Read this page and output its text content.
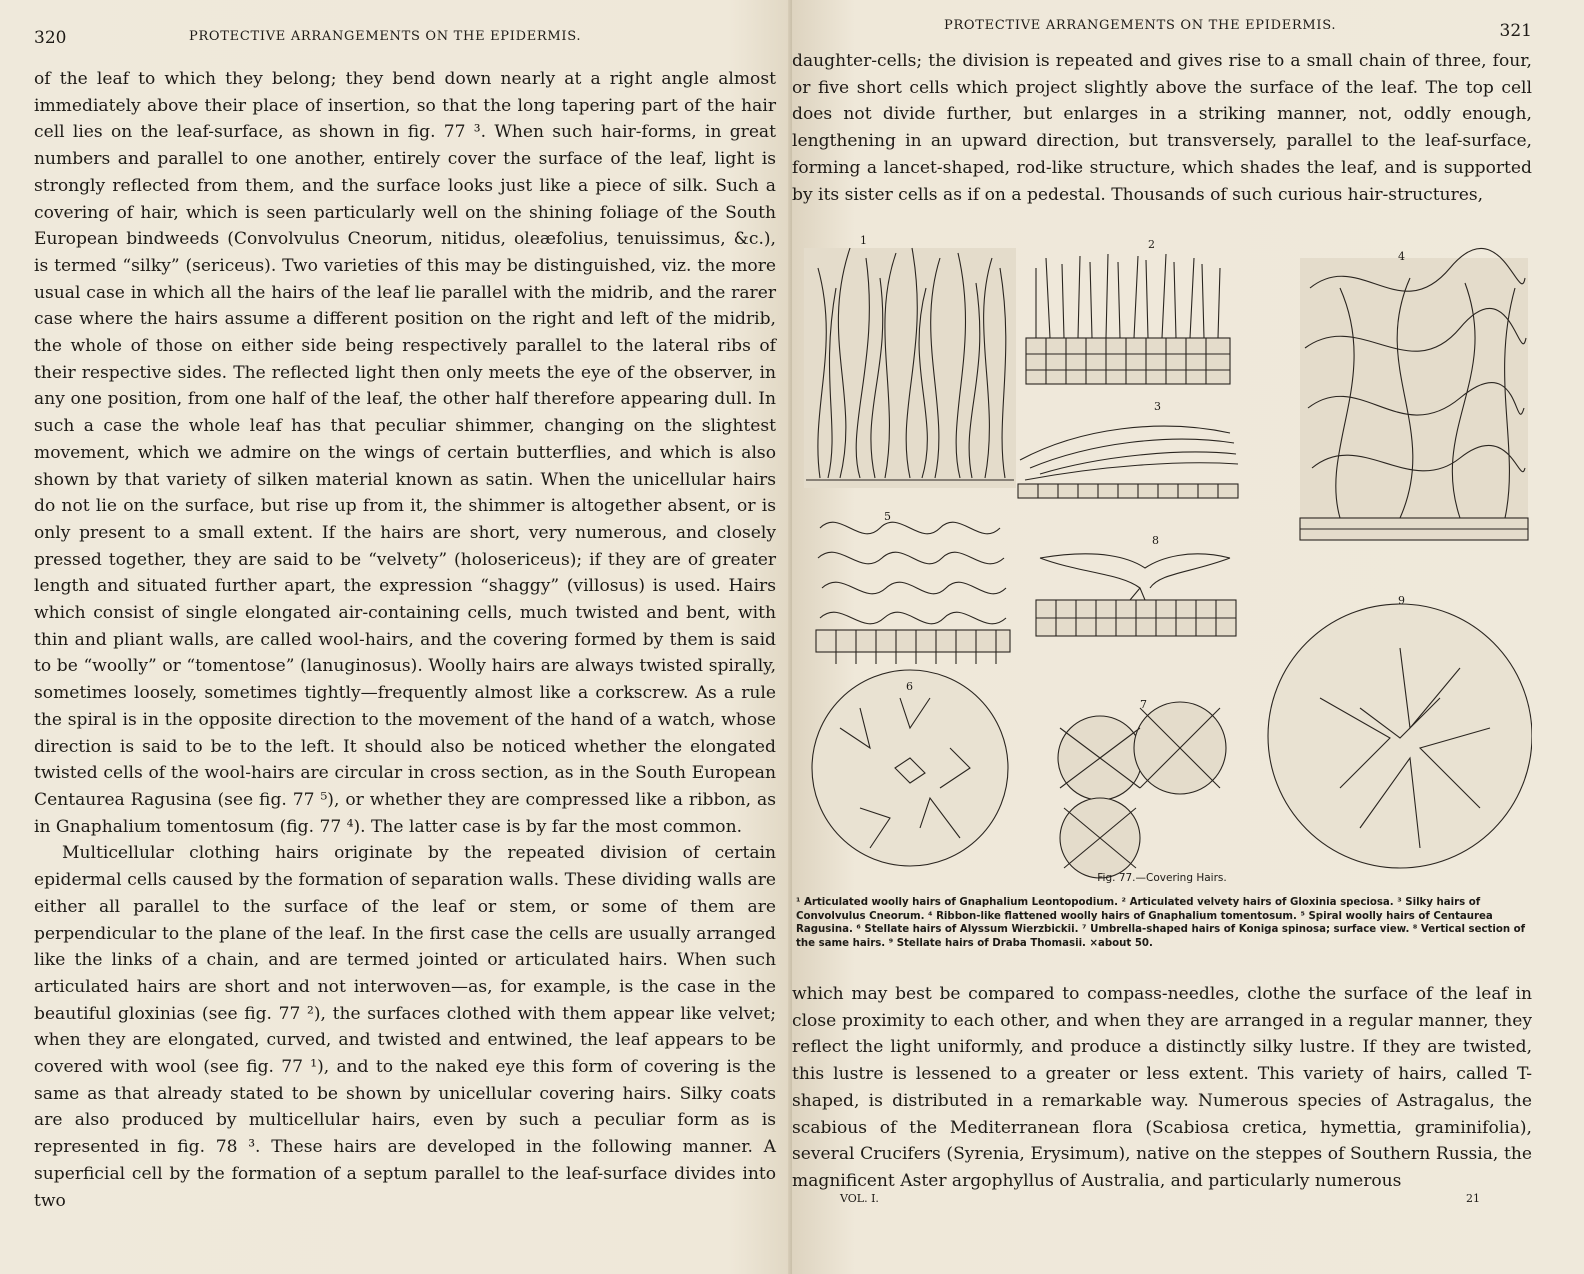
320	PROTECTIVE ARRANGEMENTS ON THE EPIDERMIS.

of the leaf to which they belong; they bend down nearly at a right angle almost immediately above their place of insertion, so that the long tapering part of the hair cell lies on the leaf-surface, as shown in fig. 77 ³. When such hair-forms, in great numbers and parallel to one another, entirely cover the surface of the leaf, light is strongly reflected from them, and the surface looks just like a piece of silk. Such a covering of hair, which is seen particularly well on the shining foliage of the South European bindweeds (Convolvulus Cneorum, nitidus, oleæfolius, tenuissimus, &c.), is termed “silky” (sericeus). Two varieties of this may be distinguished, viz. the more usual case in which all the hairs of the leaf lie parallel with the midrib, and the rarer case where the hairs assume a different position on the right and left of the midrib, the whole of those on either side being respectively parallel to the lateral ribs of their respective sides. The reflected light then only meets the eye of the observer, in any one position, from one half of the leaf, the other half therefore appearing dull. In such a case the whole leaf has that peculiar shimmer, changing on the slightest movement, which we admire on the wings of certain butterflies, and which is also shown by that variety of silken material known as satin. When the unicellular hairs do not lie on the surface, but rise up from it, the shimmer is altogether absent, or is only present to a small extent. If the hairs are short, very numerous, and closely pressed together, they are said to be “velvety” (holosericeus); if they are of greater length and situated further apart, the expression “shaggy” (villosus) is used. Hairs which consist of single elongated air-containing cells, much twisted and bent, with thin and pliant walls, are called wool-hairs, and the covering formed by them is said to be “woolly” or “tomentose” (lanuginosus). Woolly hairs are always twisted spirally, sometimes loosely, sometimes tightly—frequently almost like a corkscrew. As a rule the spiral is in the opposite direction to the movement of the hand of a watch, whose direction is said to be to the left. It should also be noticed whether the elongated twisted cells of the wool-hairs are circular in cross section, as in the South European Centaurea Ragusina (see fig. 77 ⁵), or whether they are compressed like a ribbon, as in Gnaphalium tomentosum (fig. 77 ⁴). The latter case is by far the most common.

Multicellular clothing hairs originate by the repeated division of certain epidermal cells caused by the formation of separation walls. These dividing walls are either all parallel to the surface of the leaf or stem, or some of them are perpendicular to the plane of the leaf. In the first case the cells are usually arranged like the links of a chain, and are termed jointed or articulated hairs. When such articulated hairs are short and not interwoven—as, for example, is the case in the beautiful gloxinias (see fig. 77 ²), the surfaces clothed with them appear like velvet; when they are elongated, curved, and twisted and entwined, the leaf appears to be covered with wool (see fig. 77 ¹), and to the naked eye this form of covering is the same as that already stated to be shown by unicellular covering hairs. Silky coats are also produced by multicellular hairs, even by such a peculiar form as is represented in fig. 78 ³. These hairs are developed in the following manner. A superficial cell by the formation of a septum parallel to the leaf-surface divides into two

PROTECTIVE ARRANGEMENTS ON THE EPIDERMIS.	321

daughter-cells; the division is repeated and gives rise to a small chain of three, four, or five short cells which project slightly above the surface of the leaf. The top cell does not divide further, but enlarges in a striking manner, not, oddly enough, lengthening in an upward direction, but transversely, parallel to the leaf-surface, forming a lancet-shaped, rod-like structure, which shades the leaf, and is supported by its sister cells as if on a pedestal. Thousands of such curious hair-structures,

1	2
3
4
5
6
7
8
9
Fig. 77.—Covering Hairs.
¹ Articulated woolly hairs of Gnaphalium Leontopodium. ² Articulated velvety hairs of Gloxinia speciosa. ³ Silky hairs of Convolvulus Cneorum. ⁴ Ribbon-like flattened woolly hairs of Gnaphalium tomentosum. ⁵ Spiral woolly hairs of Centaurea Ragusina. ⁶ Stellate hairs of Alyssum Wierzbickii. ⁷ Umbrella-shaped hairs of Koniga spinosa; surface view. ⁸ Vertical section of the same hairs. ⁹ Stellate hairs of Draba Thomasii. ×about 50.

which may best be compared to compass-needles, clothe the surface of the leaf in close proximity to each other, and when they are arranged in a regular manner, they reflect the light uniformly, and produce a distinctly silky lustre. If they are twisted, this lustre is lessened to a greater or less extent. This variety of hairs, called T-shaped, is distributed in a remarkable way. Numerous species of Astragalus, the scabious of the Mediterranean flora (Scabiosa cretica, hymettia, graminifolia), several Crucifers (Syrenia, Erysimum), native on the steppes of Southern Russia, the magnificent Aster argophyllus of Australia, and particularly numerous

VOL. I.	21
